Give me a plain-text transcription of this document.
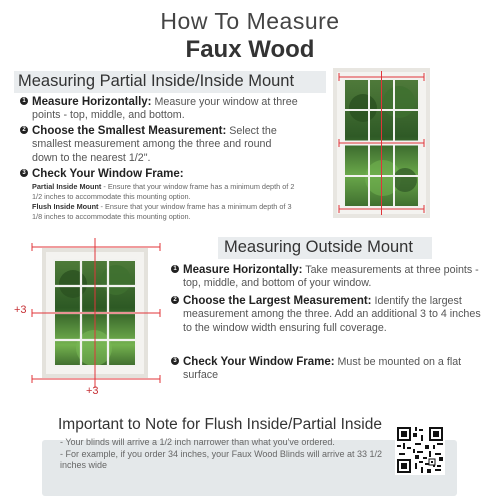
How To Measure
Faux Wood
Measuring Partial Inside/Inside Mount
1 Measure Horizontally: Measure your window at three points - top, middle, and bottom.
2 Choose the Smallest Measurement: Select the smallest measurement among the three and round down to the nearest 1/2".
3 Check Your Window Frame:
Partial Inside Mount - Ensure that your window frame has a minimum depth of 2 1/2 inches to accommodate this mounting option.
Flush Inside Mount - Ensure that your window frame has a minimum depth of 3 1/8 inches to accommodate this mounting option.
+3
+3
Measuring Outside Mount
1 Measure Horizontally: Take measurements at three points - top, middle, and bottom of your window.
2 Choose the Largest Measurement: Identify the largest measurement among the three. Add an additional 3 to 4 inches to the window width ensuring full coverage.
3 Check Your Window Frame: Must be mounted on a flat surface
Important to Note for Flush Inside/Partial Inside
- Your blinds will arrive a 1/2 inch narrower than what you've ordered.
- For example, if you order 34 inches, your Faux Wood Blinds will arrive at 33 1/2 inches wide
